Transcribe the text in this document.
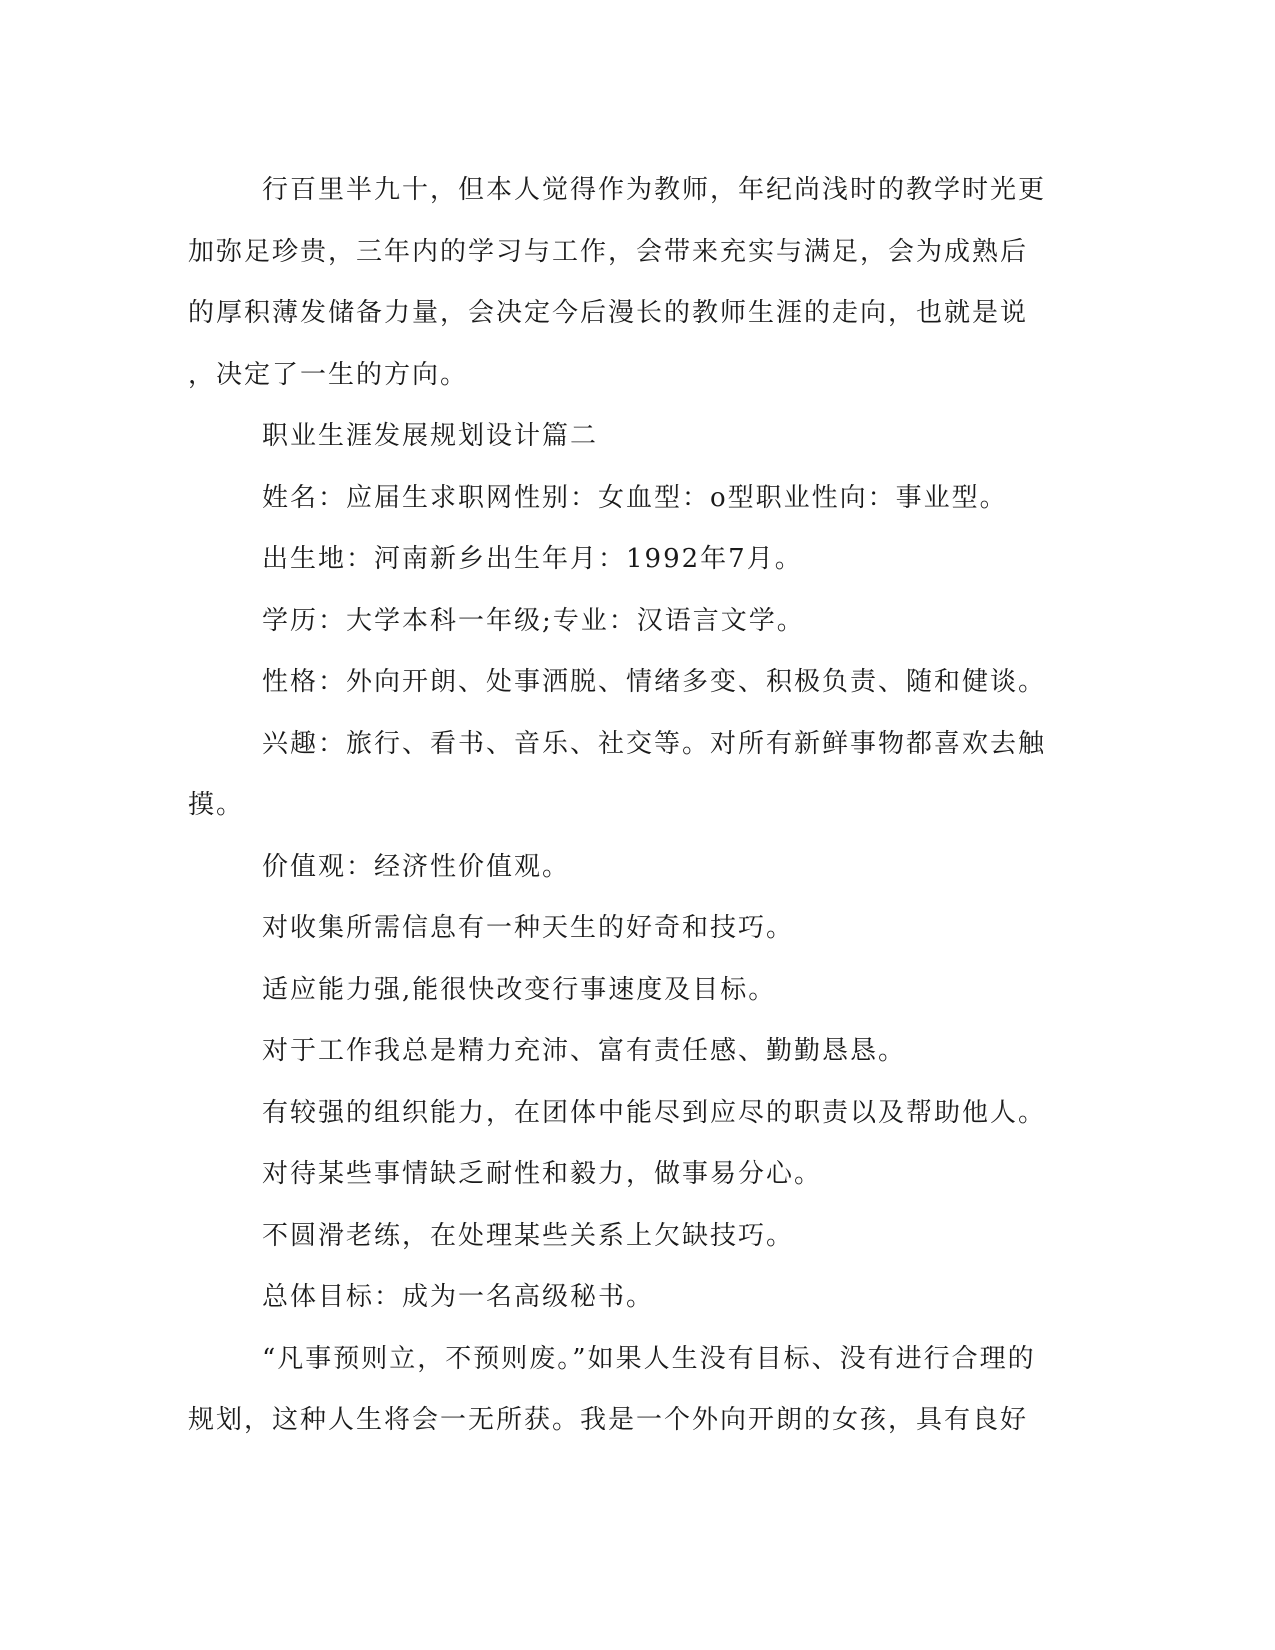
行百里半九十，但本人觉得作为教师，年纪尚浅时的教学时光更
加弥足珍贵，三年内的学习与工作，会带来充实与满足，会为成熟后
的厚积薄发储备力量，会决定今后漫长的教师生涯的走向，也就是说
，决定了一生的方向。
职业生涯发展规划设计篇二
姓名：应届生求职网性别：女血型：o型职业性向：事业型。
出生地：河南新乡出生年月：1992年7月。
学历：大学本科一年级;专业：汉语言文学。
性格：外向开朗、处事洒脱、情绪多变、积极负责、随和健谈。
兴趣：旅行、看书、音乐、社交等。对所有新鲜事物都喜欢去触
摸。
价值观：经济性价值观。
对收集所需信息有一种天生的好奇和技巧。
适应能力强,能很快改变行事速度及目标。
对于工作我总是精力充沛、富有责任感、勤勤恳恳。
有较强的组织能力，在团体中能尽到应尽的职责以及帮助他人。
对待某些事情缺乏耐性和毅力，做事易分心。
不圆滑老练，在处理某些关系上欠缺技巧。
总体目标：成为一名高级秘书。
“凡事预则立，不预则废。”如果人生没有目标、没有进行合理的
规划，这种人生将会一无所获。我是一个外向开朗的女孩，具有良好
